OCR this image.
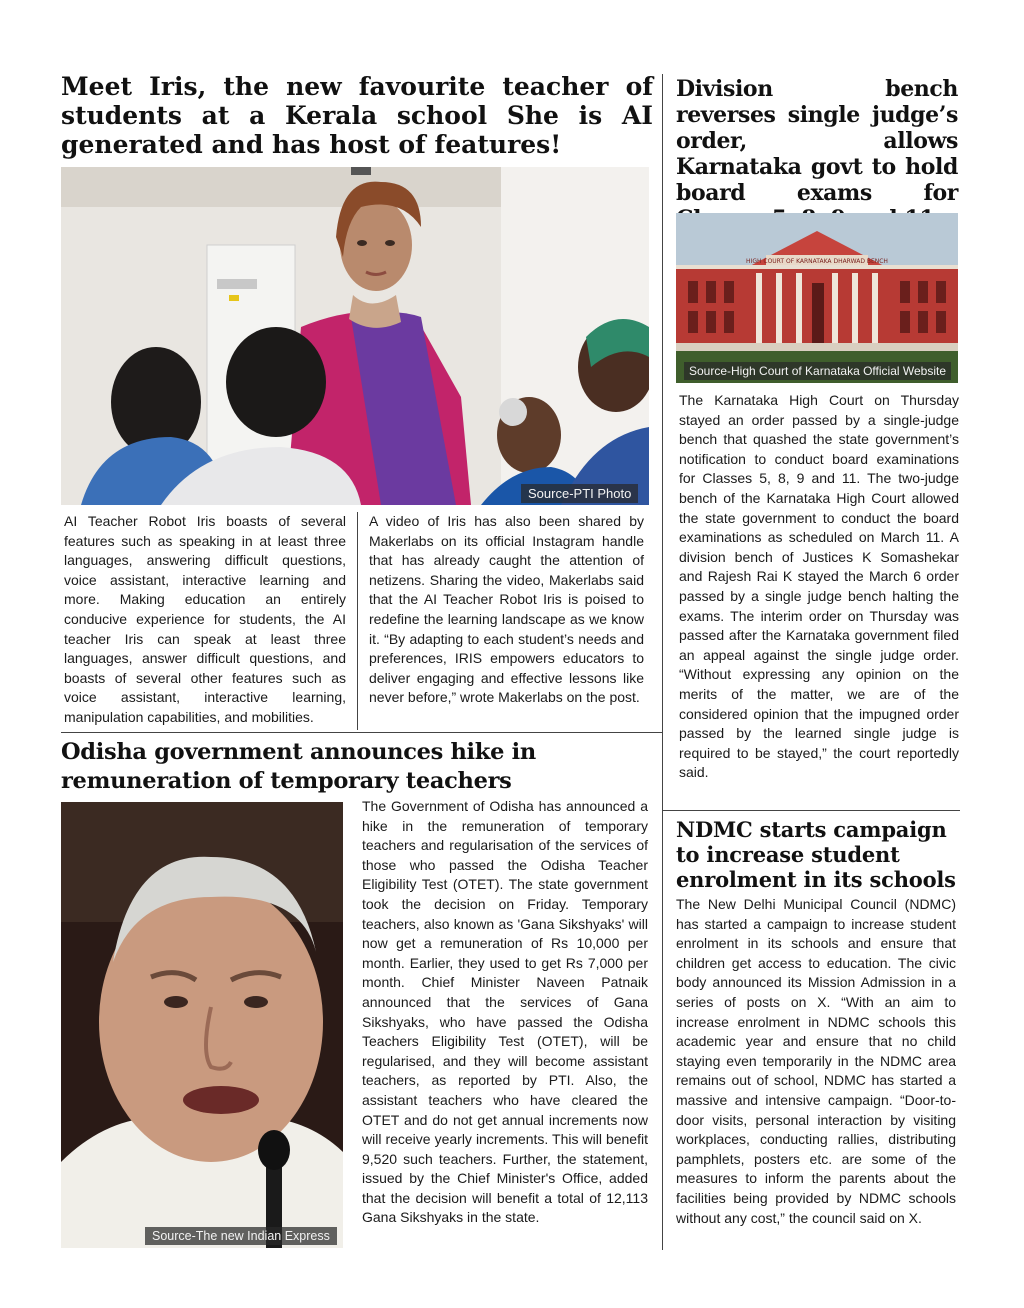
Meet Iris, the new favourite teacher of students at a Kerala school She is AI generated and has host of features!
Source-PTI Photo

AI Teacher Robot Iris boasts of several features such as speaking in at least three languages, answering difficult questions, voice assistant, interactive learning and more. Making education an entirely conducive experience for students, the AI teacher Iris can speak at least three languages, answer difficult questions, and boasts of several other features such as voice assistant, interactive learning, manipulation capabilities, and mobilities.

A video of Iris has also been shared by Makerlabs on its official Instagram handle that has already caught the attention of netizens. Sharing the video, Makerlabs said that the AI Teacher Robot Iris is poised to redefine the learning landscape as we know it. “By adapting to each student’s needs and preferences, IRIS empowers educators to deliver engaging and effective lessons like never before,” wrote Makerlabs on the post.

Odisha government announces hike in remuneration of temporary teachers
Source-The new Indian Express

The Government of Odisha has announced a hike in the remuneration of temporary teachers and regularisation of the services of those who passed the Odisha Teacher Eligibility Test (OTET). The state government took the decision on Friday. Temporary teachers, also known as 'Gana Sikshyaks' will now get a remuneration of Rs 10,000 per month. Earlier, they used to get Rs 7,000 per month. Chief Minister Naveen Patnaik announced that the services of Gana Sikshyaks, who have passed the Odisha Teachers Eligibility Test (OTET), will be regularised, and they will become assistant teachers, as reported by PTI. Also, the assistant teachers who have cleared the OTET and do not get annual increments now will receive yearly increments. This will benefit 9,520 such teachers. Further, the statement, issued by the Chief Minister's Office, added that the decision will benefit a total of 12,113 Gana Sikshyaks in the state.

Division bench reverses single judge’s order, allows Karnataka govt to hold board exams for
HIGH COURT OF KARNATAKA DHARWAD BENCH
Source-High Court of Karnataka Official Website

The Karnataka High Court on Thursday stayed an order passed by a single-judge bench that quashed the state government’s notification to conduct board examinations for Classes 5, 8, 9 and 11. The two-judge bench of the Karnataka High Court allowed the state government to conduct the board examinations as scheduled on March 11. A division bench of Justices K Somashekar and Rajesh Rai K stayed the March 6 order passed by a single judge bench halting the exams. The interim order on Thursday was passed after the Karnataka government filed an appeal against the single judge order. “Without expressing any opinion on the merits of the matter, we are of the considered opinion that the impugned order passed by the learned single judge is required to be stayed,” the court reportedly said.

NDMC starts campaign to increase student enrolment in its schools

The New Delhi Municipal Council (NDMC) has started a campaign to increase student enrolment in its schools and ensure that children get access to education. The civic body announced its Mission Admission in a series of posts on X. “With an aim to increase enrolment in NDMC schools this academic year and ensure that no child staying even temporarily in the NDMC area remains out of school, NDMC has started a massive and intensive campaign. “Door-to-door visits, personal interaction by visiting workplaces, conducting rallies, distributing pamphlets, posters etc. are some of the measures to inform the parents about the facilities being provided by NDMC schools without any cost,” the council said on X.
